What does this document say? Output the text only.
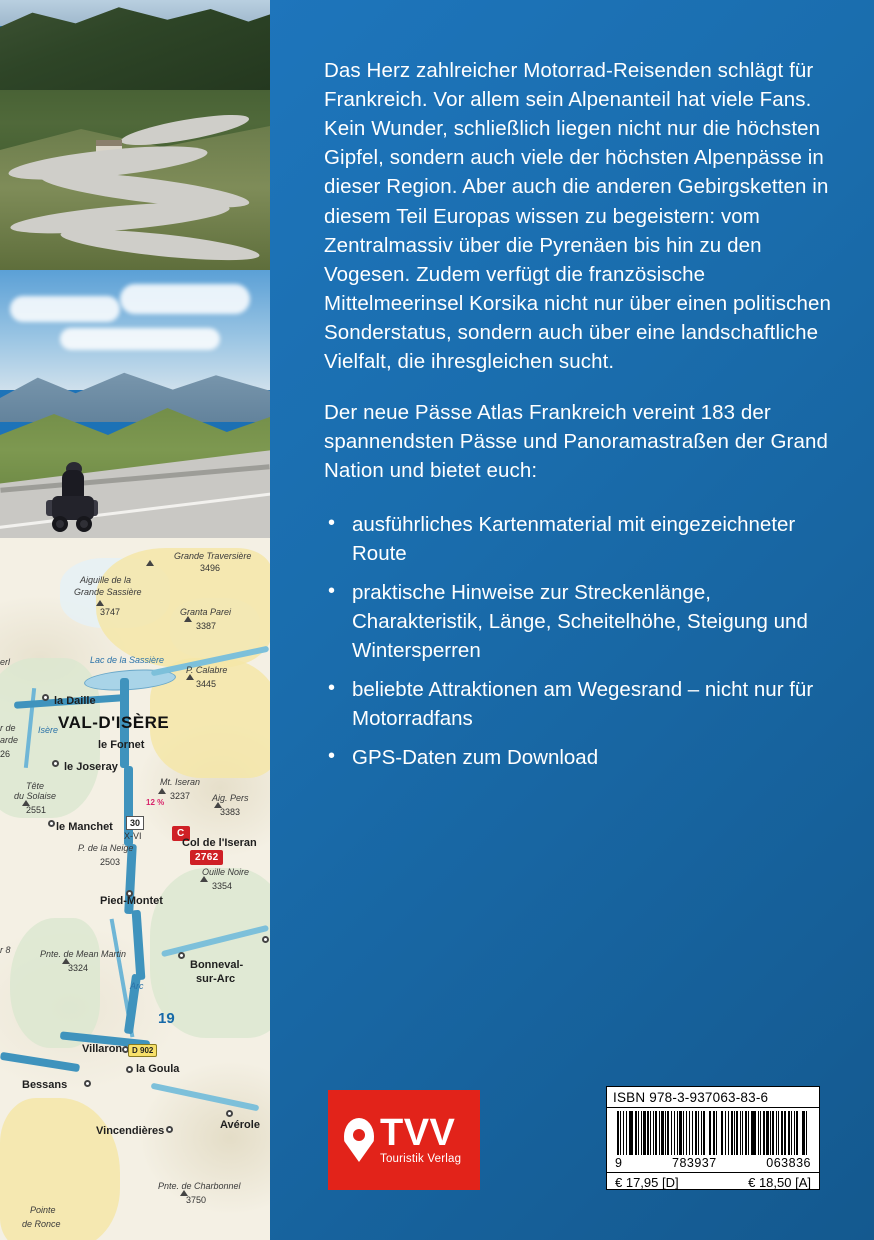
12 %
30
X-VI	C
2762
D 902
19
Grande Traversière
3496
Aiguille de la
Grande Sassière
3747	Granta Parei
3387
Lac de la Sassière
P. Calabre
3445
la Daille
VAL-D'ISÈRE
Isère
le Fornet
le Joseray
Mt. Iseran
3237
Tête
du Solaise
2551
Aig. Pers
3383
le Manchet
Col de l'Iseran
P. de la Neige
2503
Ouille Noire
3354
Pied-Montet
Pnte. de Mean Martin
3324	Bonneval-
sur-Arc
Arc
Villaron
la Goula
Bessans
Vincendières	Avérole
Pnte. de Charbonnel
3750
Pointe
de Ronce
arde
26
r de
r 8
erl

Das Herz zahlreicher Motorrad-Reisenden schlägt für Frankreich. Vor allem sein Alpenanteil hat viele Fans. Kein Wunder, schließlich liegen nicht nur die höchsten Gipfel, sondern auch viele der höchsten Alpenpässe in dieser Region. Aber auch die anderen Gebirgsketten in diesem Teil Europas wissen zu begeistern: vom Zentralmassiv über die Pyrenäen bis hin zu den Vogesen. Zudem verfügt die französische Mittelmeerinsel Korsika nicht nur über einen politischen Sonderstatus, sondern auch über eine landschaftliche Vielfalt, die ihresgleichen sucht.

Der neue Pässe Atlas Frankreich vereint 183 der spannendsten Pässe und Panoramastraßen der Grand Nation und bietet euch:

• ausführliches Kartenmaterial mit eingezeichneter Route
• praktische Hinweise zur Streckenlänge, Charakteristik, Länge, Scheitelhöhe, Steigung und Wintersperren
• beliebte Attraktionen am Wegesrand – nicht nur für Motorradfans
• GPS-Daten zum Download
TVV
Touristik Verlag
ISBN 978-3-937063-83-6
9	783937	063836
€ 17,95 [D]	€ 18,50 [A]
